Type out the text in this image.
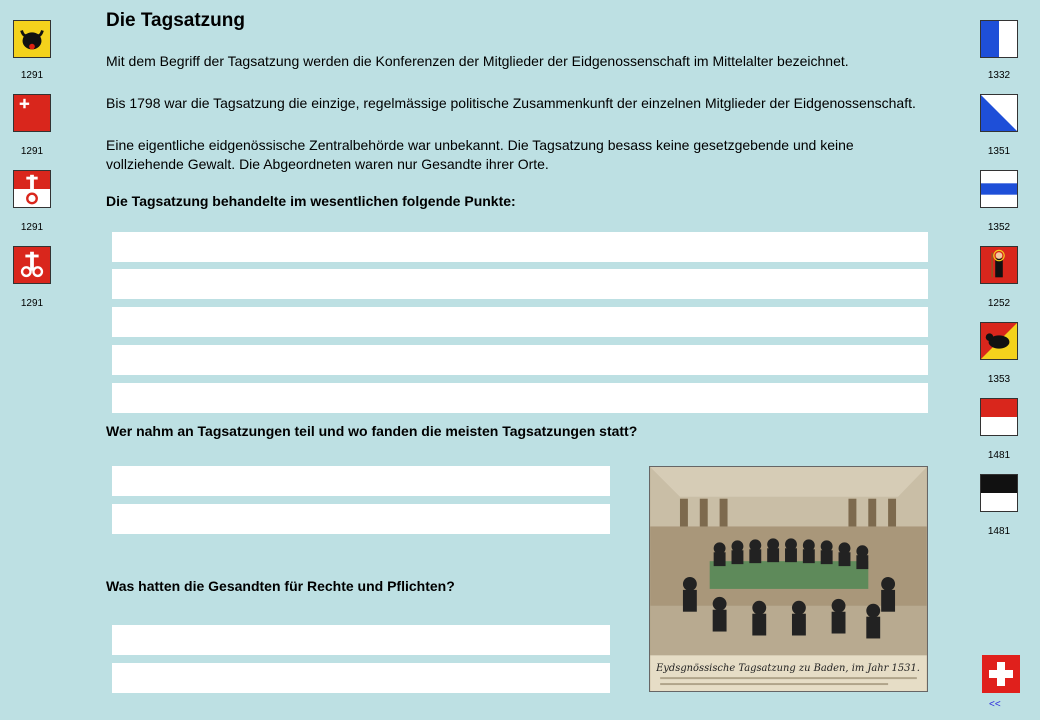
1291
1291
1291
1291
1332
1351
1352
1252
1353
1481
1481
Die Tagsatzung
Mit dem Begriff der Tagsatzung werden die Konferenzen der Mitglieder der Eidgenossenschaft im Mittelalter bezeichnet.
Bis 1798 war die Tagsatzung die einzige, regelmässige politische Zusammenkunft der einzelnen Mitglieder der Eidgenossenschaft.
Eine eigentliche eidgenössische Zentralbehörde war unbekannt. Die Tagsatzung besass keine gesetzgebende und keine vollziehende Gewalt. Die Abgeordneten waren nur Gesandte ihrer Orte.
Die Tagsatzung behandelte im wesentlichen folgende Punkte:
Wer nahm an Tagsatzungen teil und wo fanden die meisten Tagsatzungen statt?
Was hatten die Gesandten für Rechte und Pflichten?
Eydsgnössische Tagsatzung zu Baden, im Jahr 1531.
<<
